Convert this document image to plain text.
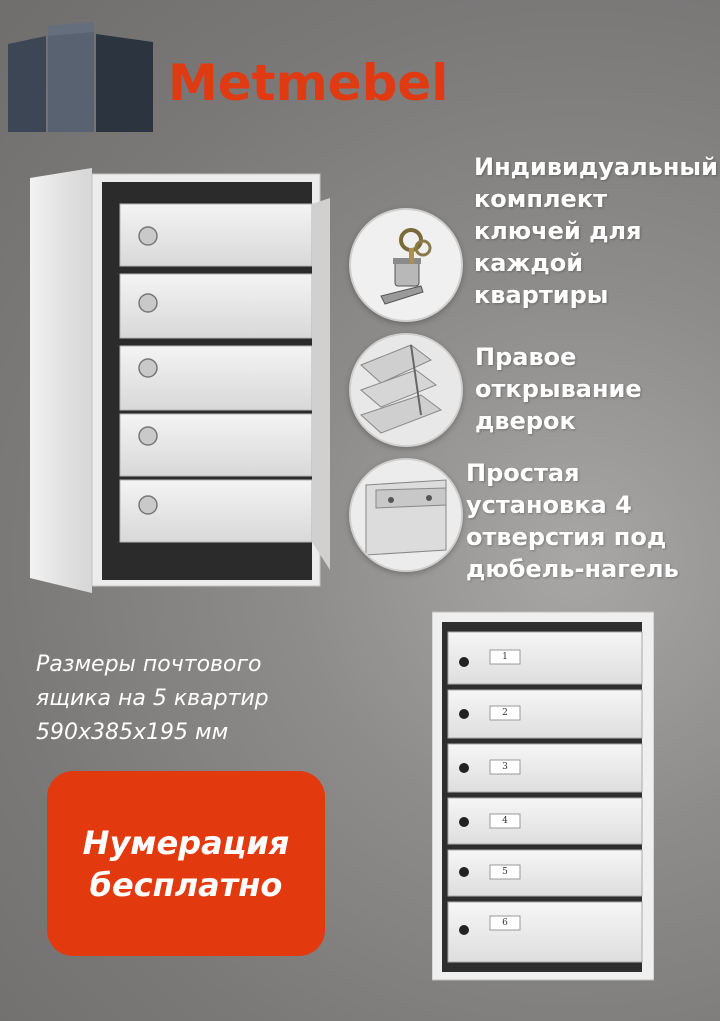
Metmebel
Индивидуальный
комплект
ключей для
каждой
квартиры
Правое
открывание
дверок
Простая
установка 4
отверстия под
дюбель-нагель
Размеры почтового
ящика на 5 квартир
590x385x195 мм
Нумерация
бесплатно
1
2
3
4
5
6
